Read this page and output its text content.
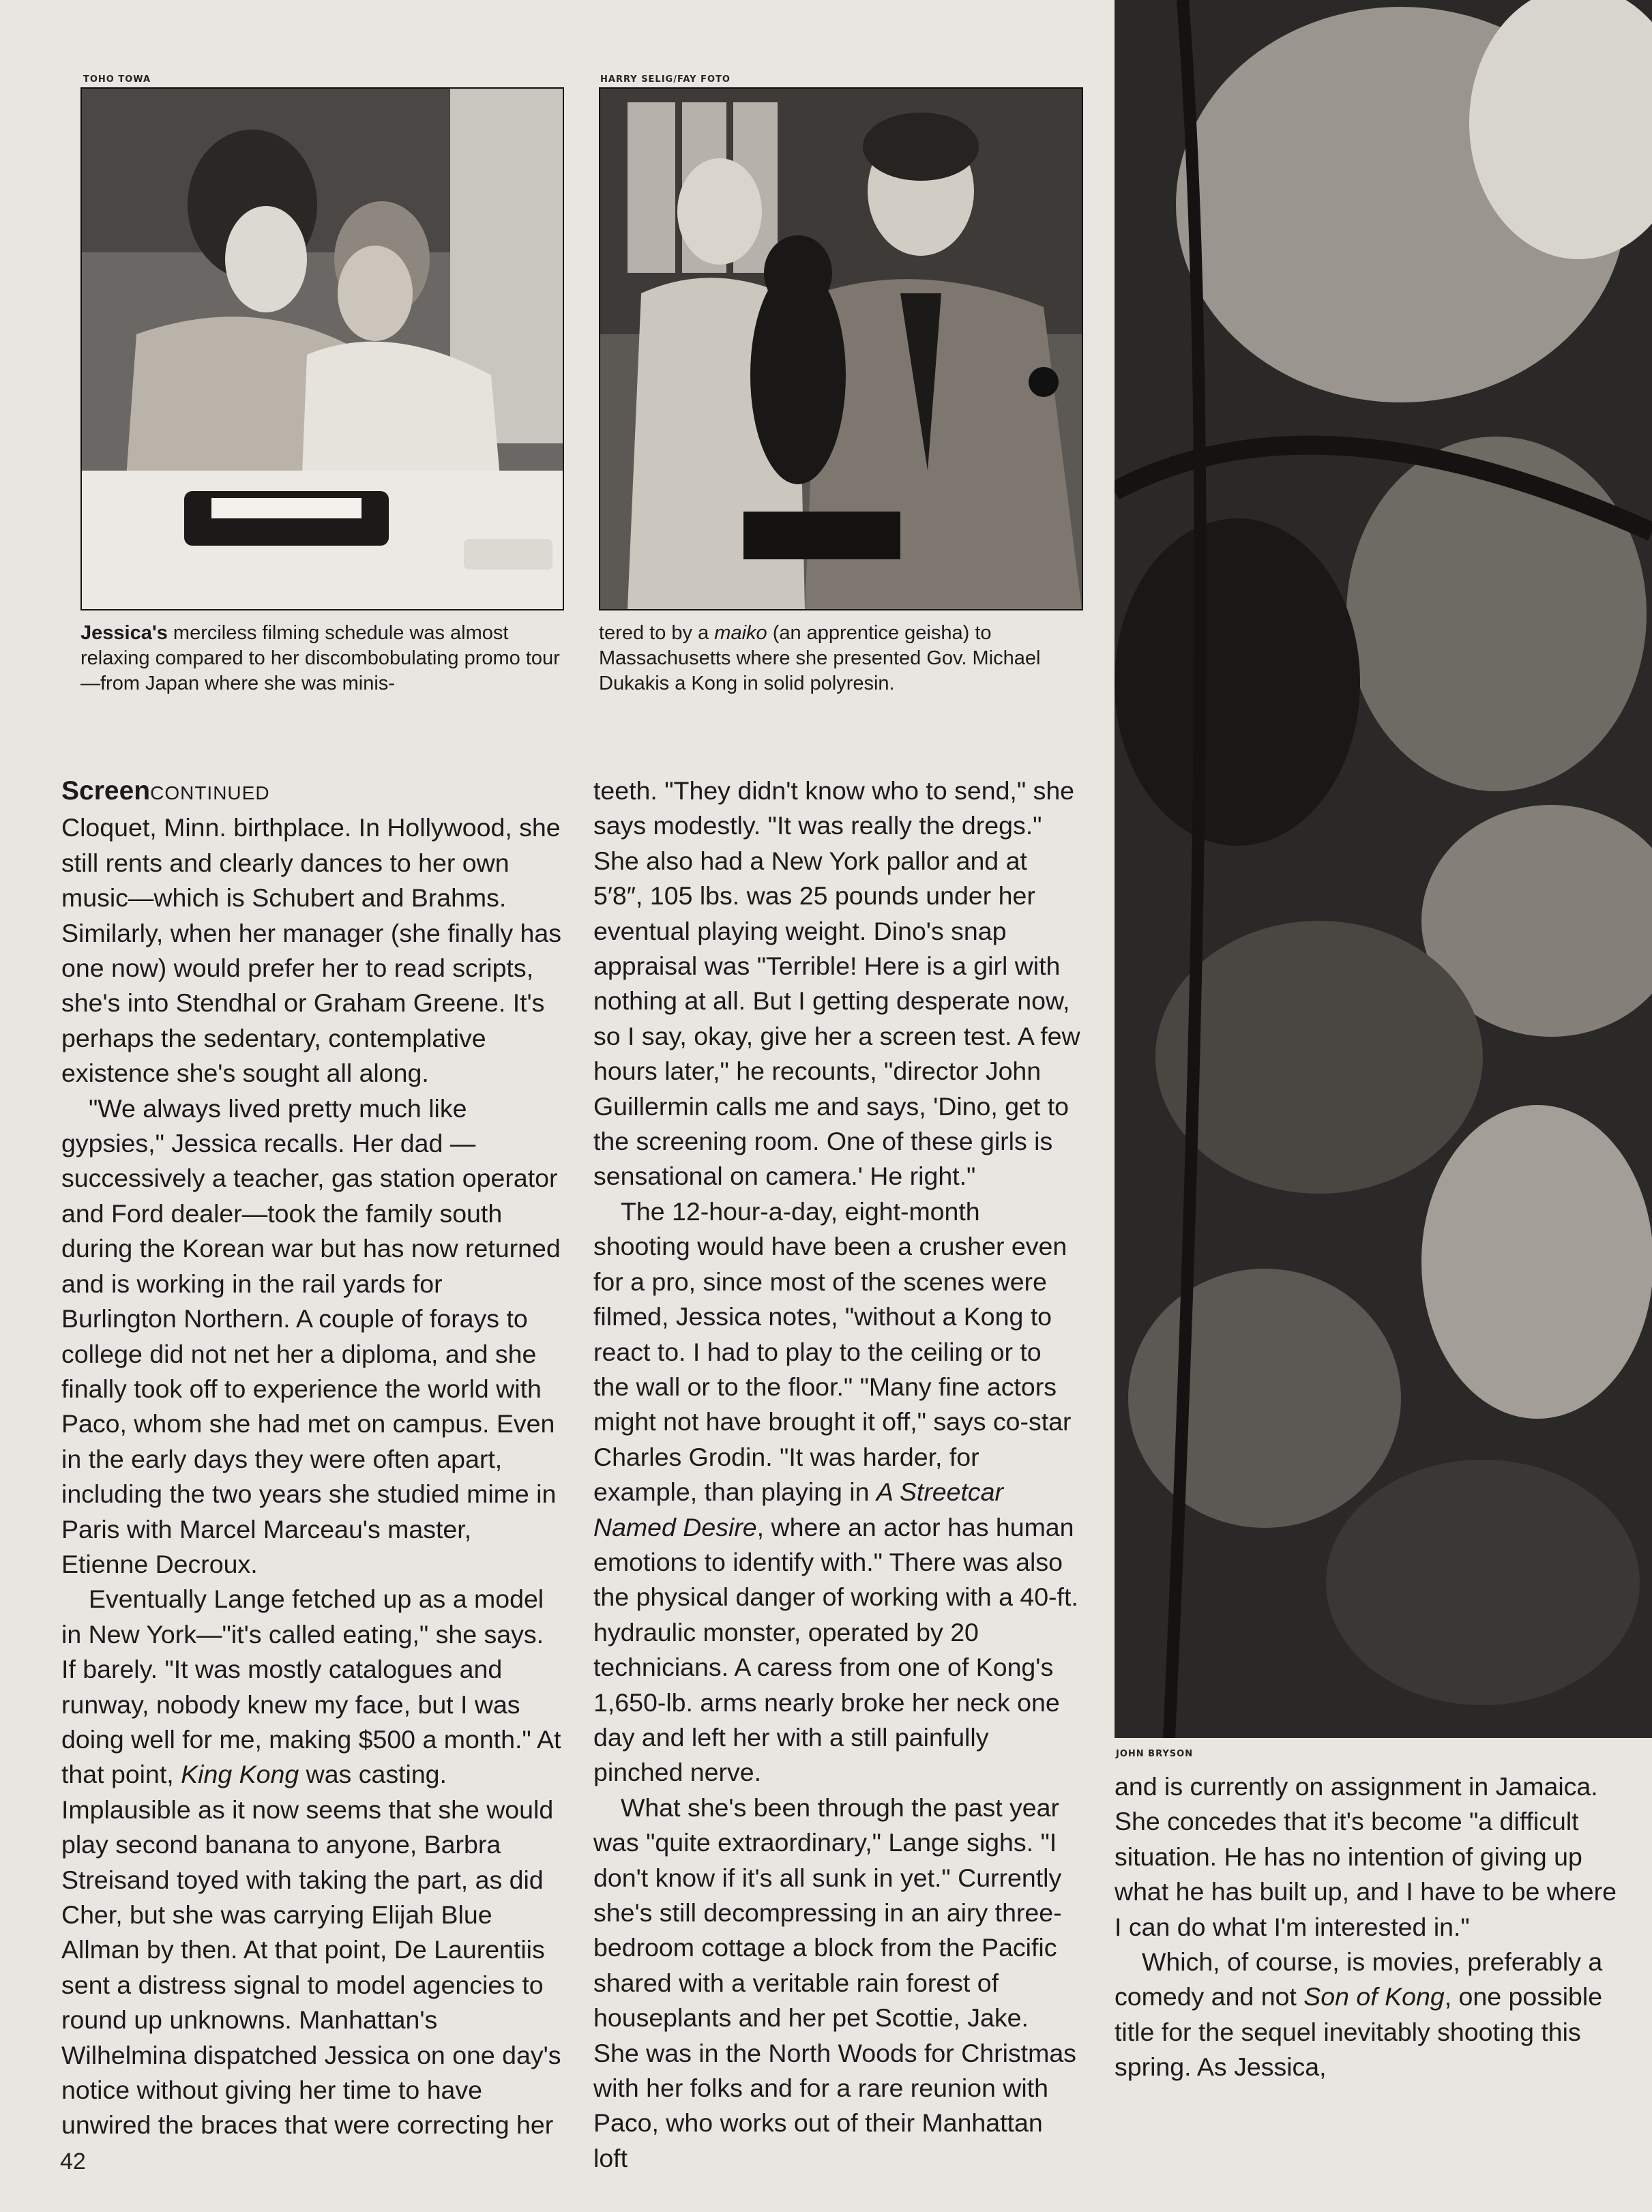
TOHO TOWA	HARRY SELIG/FAY FOTO
JOHN BRYSON
Jessica's merciless filming schedule was almost relaxing compared to her discombobulating promo tour—from Japan where she was minis-
tered to by a maiko (an apprentice geisha) to Massachusetts where she presented Gov. Michael Dukakis a Kong in solid polyresin.

ScreenCONTINUED

Cloquet, Minn. birthplace. In Hollywood, she still rents and clearly dances to her own music—which is Schubert and Brahms. Similarly, when her manager (she finally has one now) would prefer her to read scripts, she's into Stendhal or Graham Greene. It's perhaps the sedentary, contemplative existence she's sought all along.

"We always lived pretty much like gypsies," Jessica recalls. Her dad —successively a teacher, gas station operator and Ford dealer—took the family south during the Korean war but has now returned and is working in the rail yards for Burlington Northern. A couple of forays to college did not net her a diploma, and she finally took off to experience the world with Paco, whom she had met on campus. Even in the early days they were often apart, including the two years she studied mime in Paris with Marcel Marceau's master, Etienne Decroux.

Eventually Lange fetched up as a model in New York—"it's called eating," she says. If barely. "It was mostly catalogues and runway, nobody knew my face, but I was doing well for me, making $500 a month." At that point, King Kong was casting. Implausible as it now seems that she would play second banana to anyone, Barbra Streisand toyed with taking the part, as did Cher, but she was carrying Elijah Blue Allman by then. At that point, De Laurentiis sent a distress signal to model agencies to round up unknowns. Manhattan's Wilhelmina dispatched Jessica on one day's notice without giving her time to have unwired the braces that were correcting her

teeth. "They didn't know who to send," she says modestly. "It was really the dregs." She also had a New York pallor and at 5′8″, 105 lbs. was 25 pounds under her eventual playing weight. Dino's snap appraisal was "Terrible! Here is a girl with nothing at all. But I getting desperate now, so I say, okay, give her a screen test. A few hours later," he recounts, "director John Guillermin calls me and says, 'Dino, get to the screening room. One of these girls is sensational on camera.' He right."

The 12-hour-a-day, eight-month shooting would have been a crusher even for a pro, since most of the scenes were filmed, Jessica notes, "without a Kong to react to. I had to play to the ceiling or to the wall or to the floor." "Many fine actors might not have brought it off," says co-star Charles Grodin. "It was harder, for example, than playing in A Streetcar Named Desire, where an actor has human emotions to identify with." There was also the physical danger of working with a 40-ft. hydraulic monster, operated by 20 technicians. A caress from one of Kong's 1,650-lb. arms nearly broke her neck one day and left her with a still painfully pinched nerve.

What she's been through the past year was "quite extraordinary," Lange sighs. "I don't know if it's all sunk in yet." Currently she's still decompressing in an airy three-bedroom cottage a block from the Pacific shared with a veritable rain forest of houseplants and her pet Scottie, Jake. She was in the North Woods for Christmas with her folks and for a rare reunion with Paco, who works out of their Manhattan loft

and is currently on assignment in Jamaica. She concedes that it's become "a difficult situation. He has no intention of giving up what he has built up, and I have to be where I can do what I'm interested in."

Which, of course, is movies, preferably a comedy and not Son of Kong, one possible title for the sequel inevitably shooting this spring. As Jessica,

42
